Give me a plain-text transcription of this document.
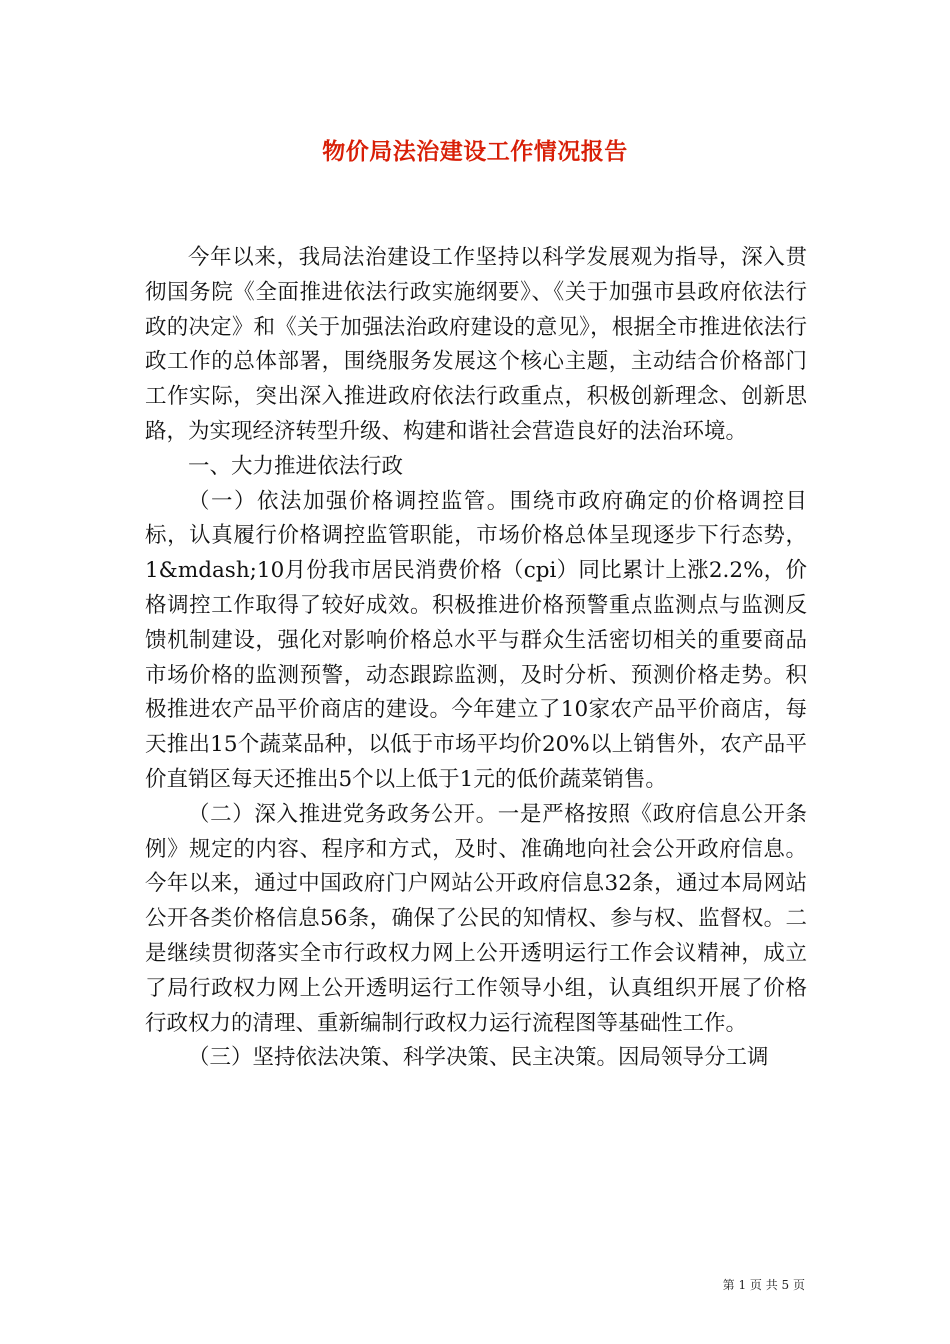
物价局法治建设工作情况报告

今年以来，我局法治建设工作坚持以科学发展观为指导，深入贯彻国务院《全面推进依法行政实施纲要》、《关于加强市县政府依法行政的决定》和《关于加强法治政府建设的意见》，根据全市推进依法行政工作的总体部署，围绕服务发展这个核心主题，主动结合价格部门工作实际，突出深入推进政府依法行政重点，积极创新理念、创新思路，为实现经济转型升级、构建和谐社会营造良好的法治环境。

一、大力推进依法行政

（一）依法加强价格调控监管。围绕市政府确定的价格调控目标，认真履行价格调控监管职能，市场价格总体呈现逐步下行态势，1&mdash;10月份我市居民消费价格（cpi）同比累计上涨2.2%，价格调控工作取得了较好成效。积极推进价格预警重点监测点与监测反馈机制建设，强化对影响价格总水平与群众生活密切相关的重要商品市场价格的监测预警，动态跟踪监测，及时分析、预测价格走势。积极推进农产品平价商店的建设。今年建立了10家农产品平价商店，每天推出15个蔬菜品种，以低于市场平均价20%以上销售外，农产品平价直销区每天还推出5个以上低于1元的低价蔬菜销售。

（二）深入推进党务政务公开。一是严格按照《政府信息公开条例》规定的内容、程序和方式，及时、准确地向社会公开政府信息。今年以来，通过中国政府门户网站公开政府信息32条，通过本局网站公开各类价格信息56条，确保了公民的知情权、参与权、监督权。二是继续贯彻落实全市行政权力网上公开透明运行工作会议精神，成立了局行政权力网上公开透明运行工作领导小组，认真组织开展了价格行政权力的清理、重新编制行政权力运行流程图等基础性工作。

（三）坚持依法决策、科学决策、民主决策。因局领导分工调

第 1 页 共 5 页
